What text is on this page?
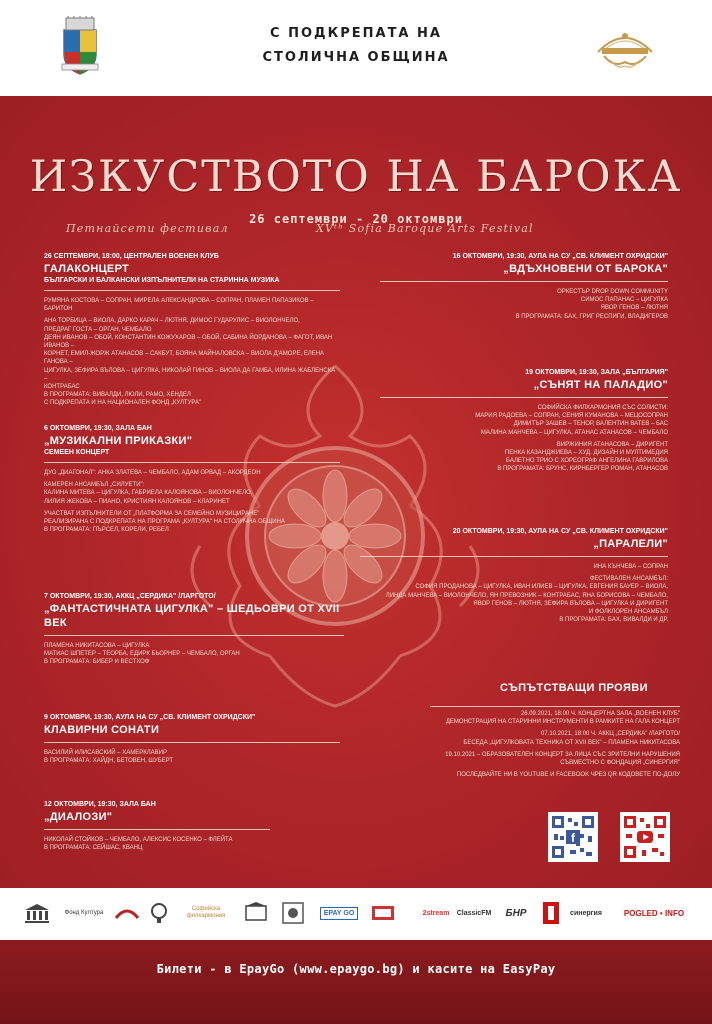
С ПОДКРЕПАТА НА
СТОЛИЧНА ОБЩИНА
Петнайсети фестивал	XVᵗʰ Sofia Baroque Arts Festival
ИЗКУСТВОТО НА БАРОКА
26 септември - 20 октомври
26 СЕПТЕМВРИ, 18:00, ЦЕНТРАЛЕН ВОЕНЕН КЛУБ
ГАЛАКОНЦЕРТ
БЪЛГАРСКИ И БАЛКАНСКИ ИЗПЪЛНИТЕЛИ НА СТАРИННА МУЗИКА
РУМЯНА КОСТОВА – СОПРАН, МИРЕЛА АЛЕКСАНДРОВА – СОПРАН, ПЛАМЕН ПАПАЗИКОВ – БАРИТОН
АНА ТОРБИЦА – ВИОЛА, ДАРКО КАРАЧ – ЛЮТНЯ, ДИМОС ГУДАРУЛИС – ВИОЛОНЧЕЛО,
ПРЕДРАГ ГОСТА – ОРГАН, ЧЕМБАЛО
ДЕЯН ИВАНОВ – ОБОЙ, КОНСТАНТИН КОЖУХАРОВ – ОБОЙ, САБИНА ЙОРДАНОВА – ФАГОТ, ИВАН ИВАНОВ –
КОРНЕТ, ЕМИЛ-ЖОРЖ АТАНАСОВ – САКБУТ, БОЯНА МАЙНАЛОВСКА – ВИОЛА Д'АМОРЕ, ЕЛЕНА ГАНОВА –
ЦИГУЛКА, ЗЕФИРА ВЪЛОВА – ЦИГУЛКА, НИКОЛАЙ ГИНОВ – ВИОЛА ДА ГАМБА, ИЛИНА ЖАБЛЕНСКА –
КОНТРАБАС
В ПРОГРАМАТА: ВИВАЛДИ, ЛЮЛИ, РАМО, ХЕНДЕЛ
С ПОДКРЕПАТА И НА НАЦИОНАЛЕН ФОНД „КУЛТУРА"
6 ОКТОМВРИ, 19:30, ЗАЛА БАН
„МУЗИКАЛНИ ПРИКАЗКИ"
СЕМЕЕН КОНЦЕРТ
ДУО „ДИАГОНАЛ": АНКА ЗЛАТЕВА – ЧЕМБАЛО, АДАМ ОРВАД – АКОРДЕОН
КАМЕРЕН АНСАМБЪЛ „СИЛУЕТИ":
КАЛИНА МИТЕВА – ЦИГУЛКА, ГАБРИЕЛА КАЛОЯНОВА – ВИОЛОНЧЕЛО,
ЛИЛИЯ ЖЕКОВА – ПИАНО, КРИСТИЯН КАЛОЯНОВ – КЛАРИНЕТ
УЧАСТВАТ ИЗПЪЛНИТЕЛИ ОТ „ПЛАТФОРМА ЗА СЕМЕЙНО МУЗИЦИРАНЕ"
РЕАЛИЗИРАНА С ПОДКРЕПАТА НА ПРОГРАМА „КУЛТУРА" НА СТОЛИЧНА ОБЩИНА
В ПРОГРАМАТА: ПЪРСЕЛ, КОРЕЛИ, РЕБЕЛ
7 ОКТОМВРИ, 19:30, АККЦ „СЕРДИКА" /ЛАРГОТО/
„ФАНТАСТИЧНАТА ЦИГУЛКА" – ШЕДЬОВРИ ОТ XVII ВЕК
ПЛАМЕНА НИКИТАСОВА – ЦИГУЛКА
МАТИАС ШПЕТЕР – ТЕОРБА, ЕДИРК БЬОРНЕР – ЧЕМБАЛО, ОРГАН
В ПРОГРАМАТА: БИБЕР И ВЕСТХОФ
9 ОКТОМВРИ, 19:30, АУЛА НА СУ „СВ. КЛИМЕНТ ОХРИДСКИ"
КЛАВИРНИ СОНАТИ
ВАСИЛИЙ ИЛИСАВСКИЙ – ХАМЕРКЛАВИР
В ПРОГРАМАТА: ХАЙДН, БЕТОВЕН, ШУБЕРТ
12 ОКТОМВРИ, 19:30, ЗАЛА БАН
„ДИАЛОЗИ"
НИКОЛАЙ СТОЙКОВ – ЧЕМБАЛО, АЛЕКСИС КОСЕНКО – ФЛЕЙТА
В ПРОГРАМАТА: СЕЙШАС, КВАНЦ
16 ОКТОМВРИ, 19:30, АУЛА НА СУ „СВ. КЛИМЕНТ ОХРИДСКИ"
„ВДЪХНОВЕНИ ОТ БАРОКА"
ОРКЕСТЪР DROP DOWN COMMUNITY
СИМОС ПАПАНАС – ЦИГУЛКА
ЯВОР ГЕНОВ – ЛЮТНЯ
В ПРОГРАМАТА: БАХ, ГРИГ РЕСПИГИ, ВЛАДИГЕРОВ
19 ОКТОМВРИ, 19:30, ЗАЛА „БЪЛГАРИЯ"
„СЪНЯТ НА ПАЛАДИО"
СОФИЙСКА ФИЛХАРМОНИЯ СЪС СОЛИСТИ:
МАРИЯ РАДОЕВА – СОПРАН, СЕНИЯ КУМАНОВА – МЕЦОСОПРАН
ДИМИТЪР ЗАШЕВ – ТЕНОР, ВАЛЕНТИН ВАТЕВ – БАС
МАЛИНА МАНЧЕВА – ЦИГУЛКА, АТАНАС АТАНАСОВ – ЧЕМБАЛО
ВИРЖИНИЯ АТАНАСОВА – ДИРИГЕНТ
ПЕНКА КАЗАНДЖИЕВА – ХУД. ДИЗАЙН И МУЛТИМЕДИЯ
БАЛЕТНО ТРИО С ХОРЕОГРАФ АНГЕЛИНА ГАВРИЛОВА
В ПРОГРАМАТА: БРУНС, КИРНБЕРГЕР РОМАН, АТАНАСОВ
20 ОКТОМВРИ, 19:30, АУЛА НА СУ „СВ. КЛИМЕНТ ОХРИДСКИ"
„ПАРАЛЕЛИ"
ИНА КЪНЧЕВА – СОПРАН
ФЕСТИВАЛЕН АНСАМБЪЛ:
СОФИЯ ПРОДАНОВА – ЦИГУЛКА, ИВАН ИЛИЕВ – ЦИГУЛКА, ЕВГЕНИЯ БАУЕР – ВИОЛА,
ЛИНДА МАНЧЕВА – ВИОЛОНЧЕЛО, ЯН ПРЕВОЗНИК – КОНТРАБАС, ЯНА БОРИСОВА – ЧЕМБАЛО,
ЯВОР ГЕНОВ – ЛЮТНЯ, ЗЕФИРА ВЪЛОВА – ЦИГУЛКА И ДИРИГЕНТ
И ФОЛКЛОРЕН АНСАМБЪЛ
В ПРОГРАМАТА: БАХ, ВИВАЛДИ И ДР.
СЪПЪТСТВАЩИ ПРОЯВИ
26.09.2021, 18:00 Ч. КОНЦЕРТНА ЗАЛА „ВОЕНЕН КЛУБ"
ДЕМОНСТРАЦИЯ НА СТАРИННИ ИНСТРУМЕНТИ В РАМКИТЕ НА ГАЛА КОНЦЕРТ
07.10.2021, 18:00 Ч. АККЦ „СЕРДИКА" /ЛАРГОТО/
БЕСЕДА „ЦИГУЛКОВАТА ТЕХНИКА ОТ XVII ВЕК" – ПЛАМЕНА НИКИТАСОВА
19.10.2021 – ОБРАЗОВАТЕЛЕН КОНЦЕРТ ЗА ЛИЦА СЪС ЗРИТЕЛНИ НАРУШЕНИЯ
СЪВМЕСТНО С ФОНДАЦИЯ „СИНЕРГИЯ"
ПОСЛЕДВАЙТЕ НИ В YOUTUBE И FACEBOOK ЧРЕЗ QR КОДОВЕТЕ ПО-ДОЛУ
f
Фонд Култура
Софийска филхармония	EPAY GO	2stream ClassicFM БНР	синергия	POGLED • INFO
Билети - в EpayGo (www.epaygo.bg) и касите на EasyPay
